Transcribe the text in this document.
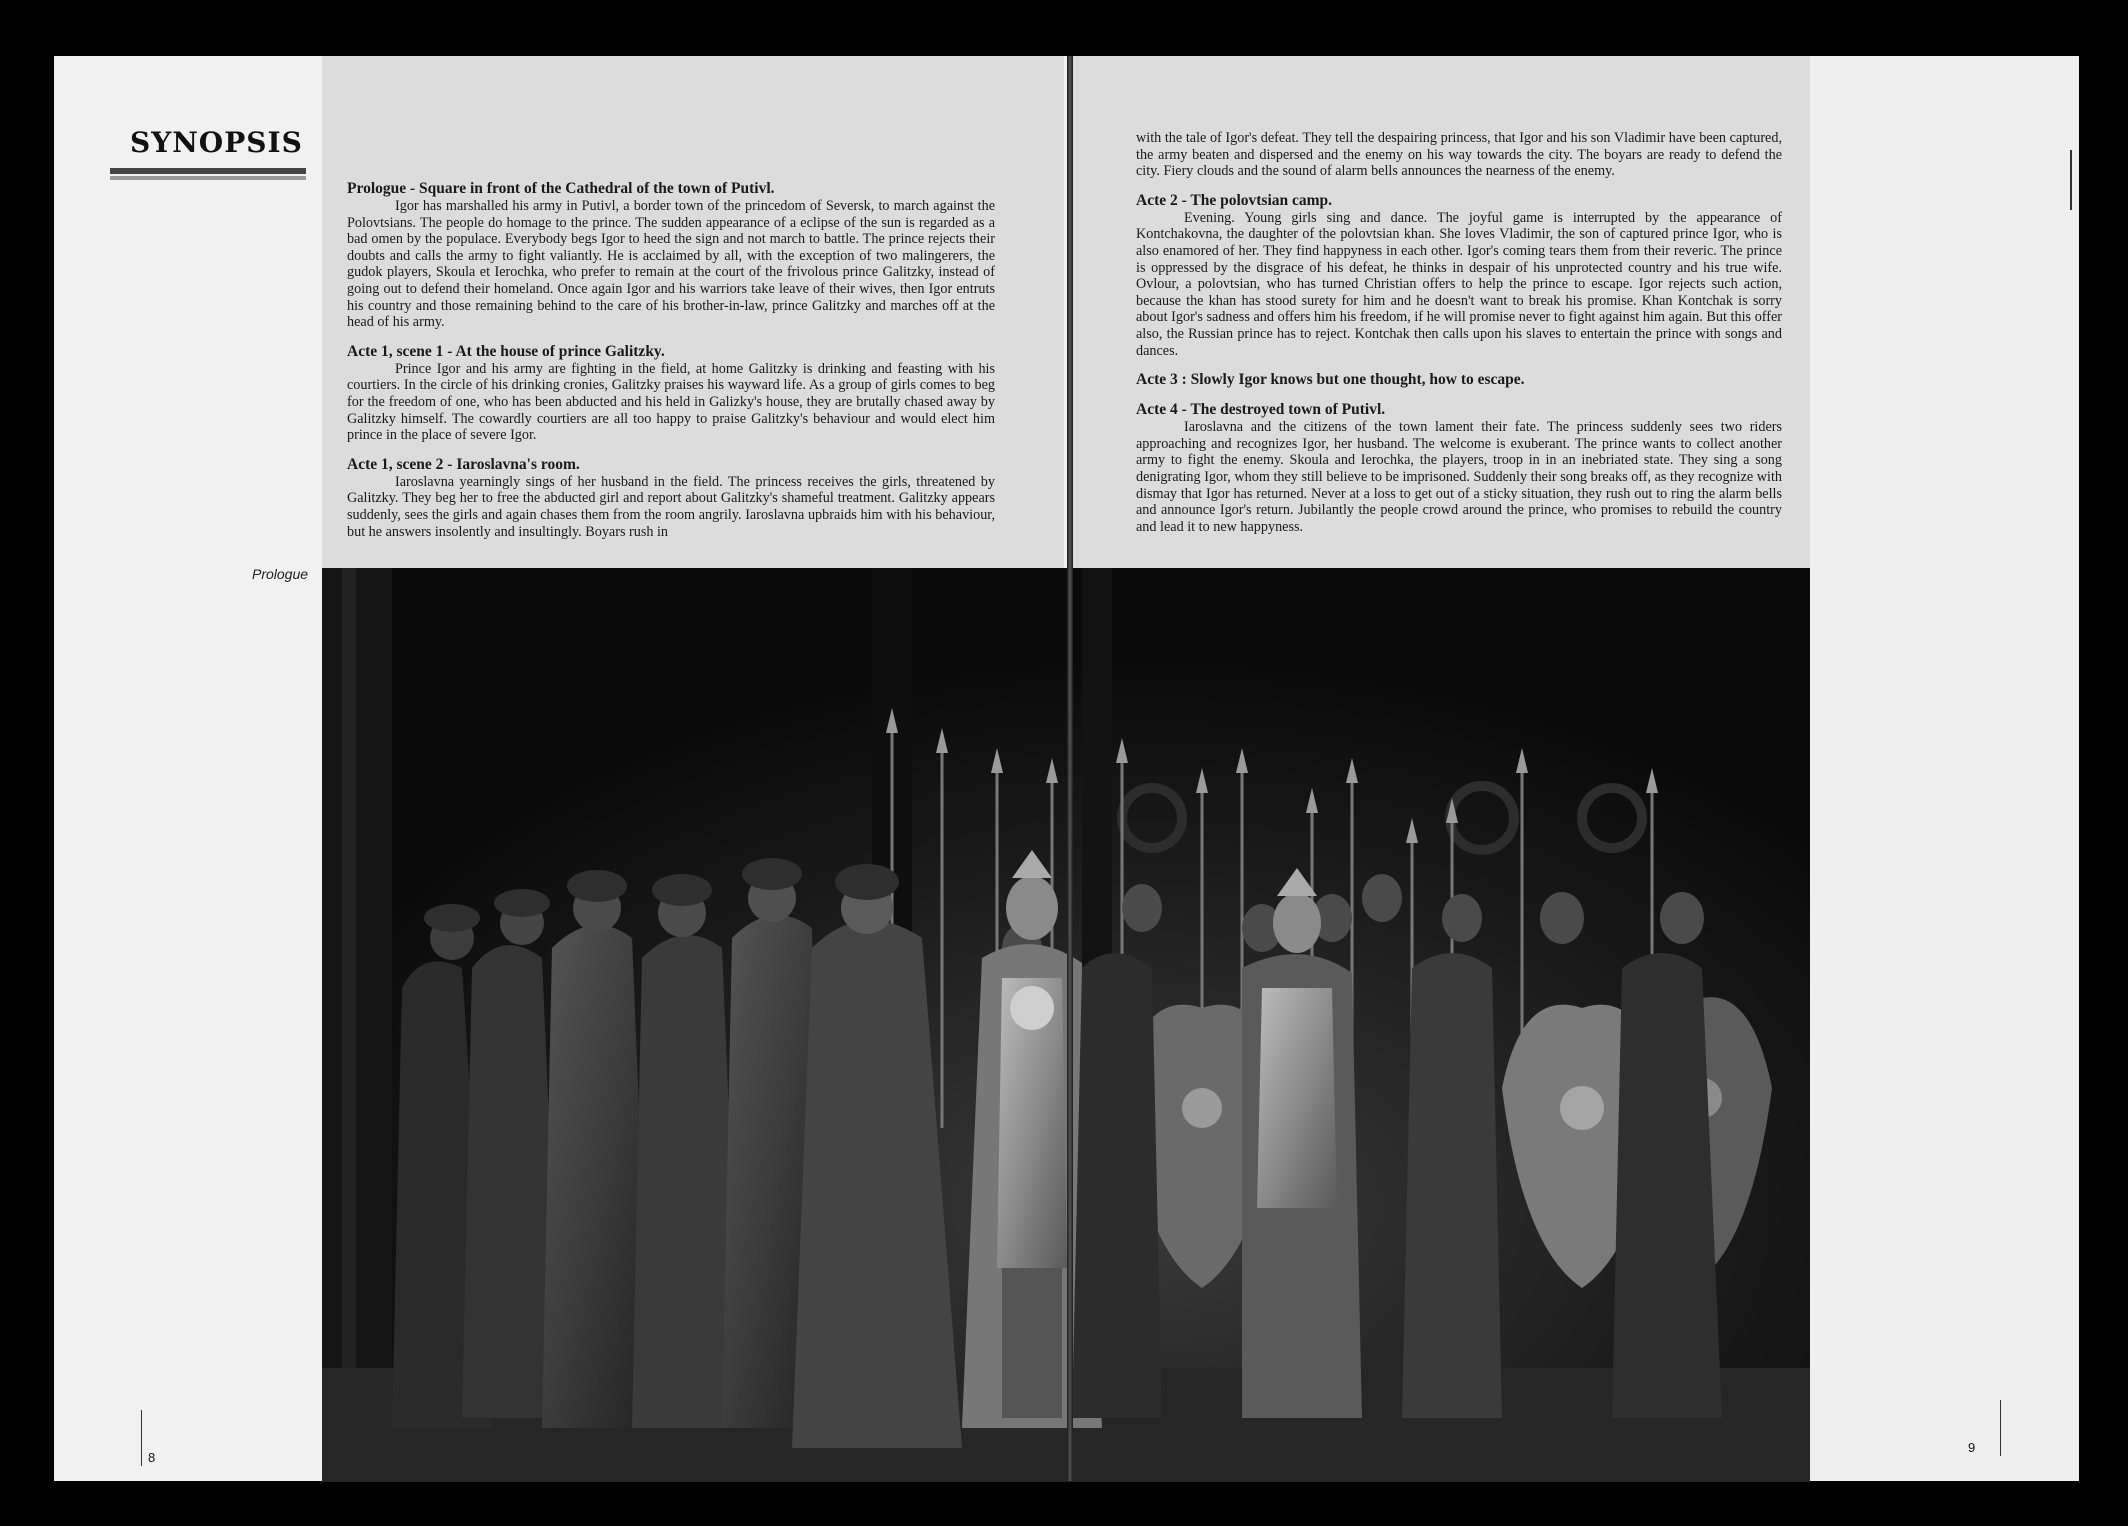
SYNOPSIS

Prologue - Square in front of the Cathedral of the town of Putivl.

Igor has marshalled his army in Putivl, a border town of the princedom of Seversk, to march against the Polovtsians. The people do homage to the prince. The sudden appearance of a eclipse of the sun is regarded as a bad omen by the populace. Everybody begs Igor to heed the sign and not march to battle. The prince rejects their doubts and calls the army to fight valiantly. He is acclaimed by all, with the exception of two malingerers, the gudok players, Skoula et Ierochka, who prefer to remain at the court of the frivolous prince Galitzky, instead of going out to defend their homeland. Once again Igor and his warriors take leave of their wives, then Igor entruts his country and those remaining behind to the care of his brother-in-law, prince Galitzky and marches off at the head of his army.

Acte 1, scene 1 - At the house of prince Galitzky.

Prince Igor and his army are fighting in the field, at home Galitzky is drinking and feasting with his courtiers. In the circle of his drinking cronies, Galitzky praises his wayward life. As a group of girls comes to beg for the freedom of one, who has been abducted and his held in Galizky's house, they are brutally chased away by Galitzky himself. The cowardly courtiers are all too happy to praise Galitzky's behaviour and would elect him prince in the place of severe Igor.

Acte 1, scene 2 - Iaroslavna's room.

Iaroslavna yearningly sings of her husband in the field. The princess receives the girls, threatened by Galitzky. They beg her to free the abducted girl and report about Galitzky's shameful treatment. Galitzky appears suddenly, sees the girls and again chases them from the room angrily. Iaroslavna upbraids him with his behaviour, but he answers insolently and insultingly. Boyars rush in

with the tale of Igor's defeat. They tell the despairing princess, that Igor and his son Vladimir have been captured, the army beaten and dispersed and the enemy on his way towards the city. The boyars are ready to defend the city. Fiery clouds and the sound of alarm bells announces the nearness of the enemy.

Acte 2 - The polovtsian camp.

Evening. Young girls sing and dance. The joyful game is interrupted by the appearance of Kontchakovna, the daughter of the polovtsian khan. She loves Vladimir, the son of captured prince Igor, who is also enamored of her. They find happyness in each other. Igor's coming tears them from their reveric. The prince is oppressed by the disgrace of his defeat, he thinks in despair of his unprotected country and his true wife. Ovlour, a polovtsian, who has turned Christian offers to help the prince to escape. Igor rejects such action, because the khan has stood surety for him and he doesn't want to break his promise. Khan Kontchak is sorry about Igor's sadness and offers him his freedom, if he will promise never to fight against him again. But this offer also, the Russian prince has to reject. Kontchak then calls upon his slaves to entertain the prince with songs and dances.

Acte 3 : Slowly Igor knows but one thought, how to escape.

Acte 4 - The destroyed town of Putivl.

Iaroslavna and the citizens of the town lament their fate. The princess suddenly sees two riders approaching and recognizes Igor, her husband. The welcome is exuberant. The prince wants to collect another army to fight the enemy. Skoula and Ierochka, the players, troop in in an inebriated state. They sing a song denigrating Igor, whom they still believe to be imprisoned. Suddenly their song breaks off, as they recognize with dismay that Igor has returned. Never at a loss to get out of a sticky situation, they rush out to ring the alarm bells and announce Igor's return. Jubilantly the people crowd around the prince, who promises to rebuild the country and lead it to new happyness.

Prologue
8
9
